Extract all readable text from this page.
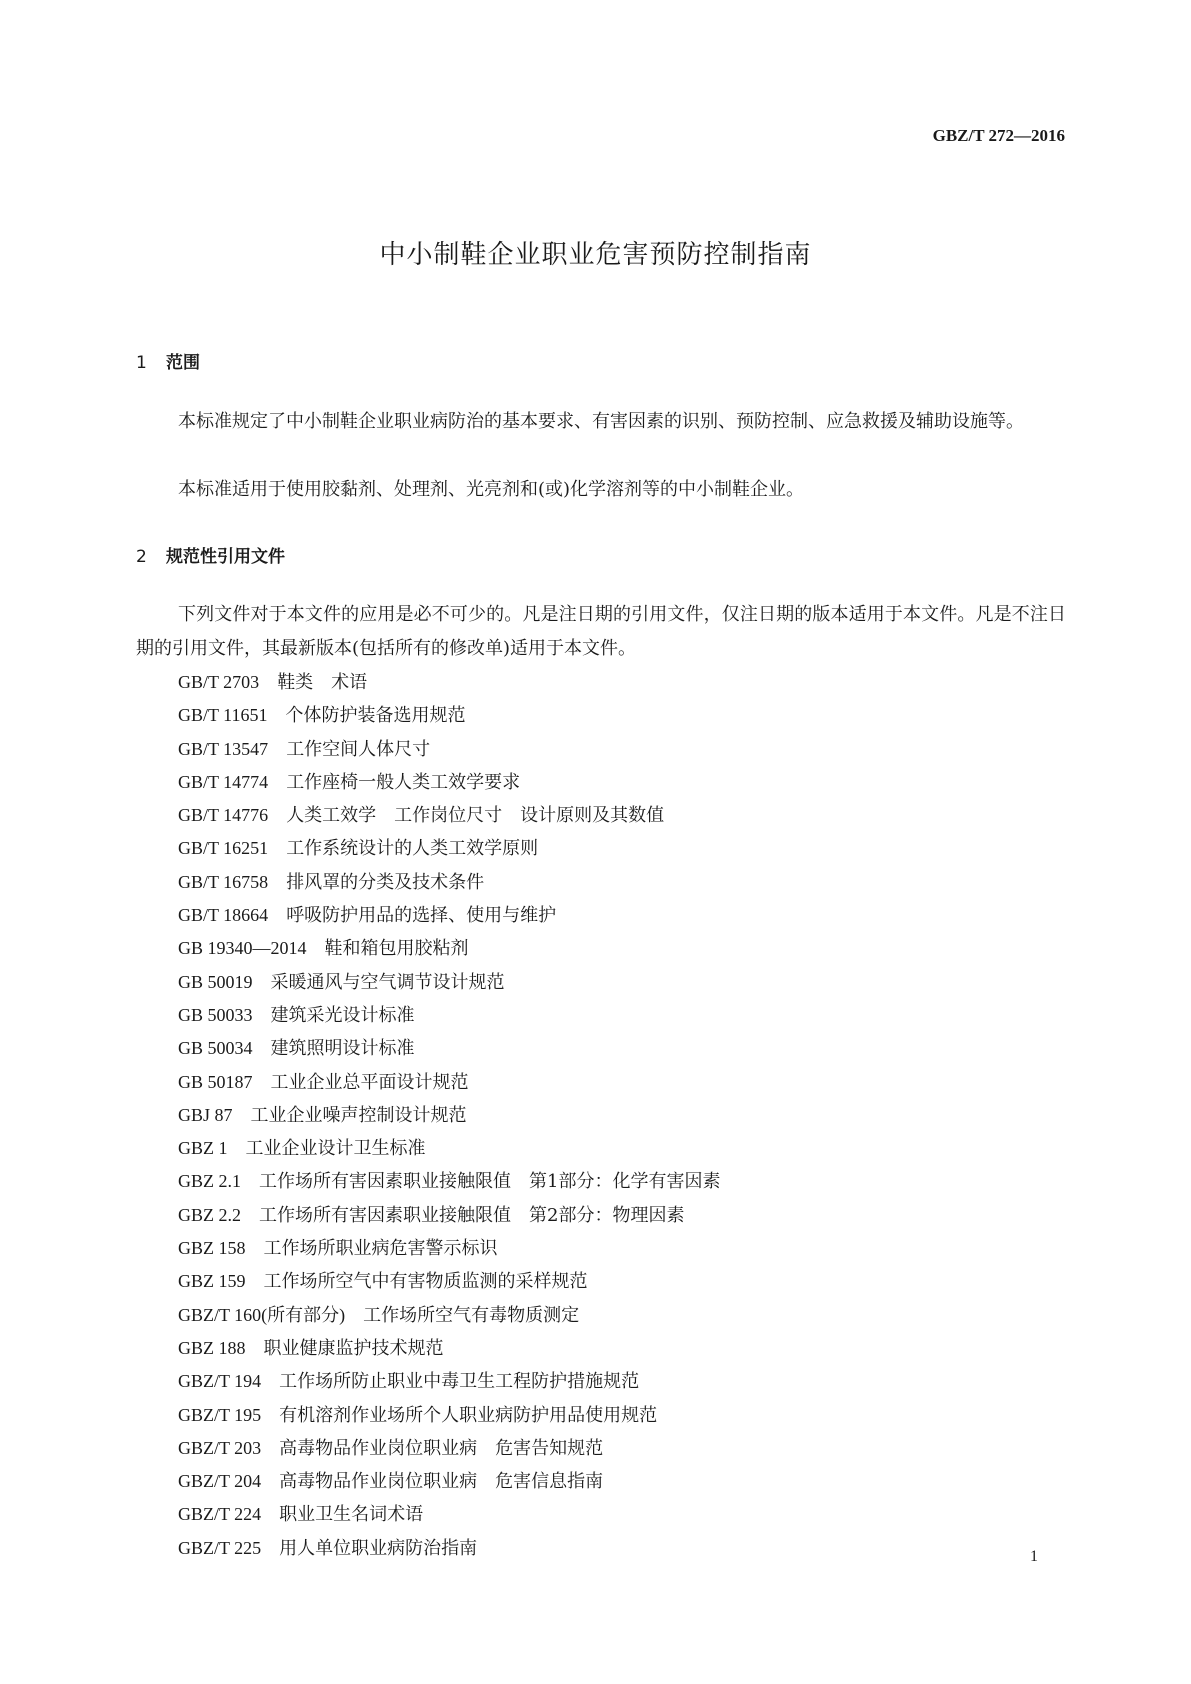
GBZ/T 272—2016
中小制鞋企业职业危害预防控制指南
1 范围
本标准规定了中小制鞋企业职业病防治的基本要求、有害因素的识别、预防控制、应急救援及辅助设施等。
本标准适用于使用胶黏剂、处理剂、光亮剂和(或)化学溶剂等的中小制鞋企业。
2 规范性引用文件
下列文件对于本文件的应用是必不可少的。凡是注日期的引用文件，仅注日期的版本适用于本文件。凡是不注日期的引用文件，其最新版本(包括所有的修改单)适用于本文件。
GB/T 2703 鞋类　术语
GB/T 11651 个体防护装备选用规范
GB/T 13547 工作空间人体尺寸
GB/T 14774 工作座椅一般人类工效学要求
GB/T 14776 人类工效学　工作岗位尺寸　设计原则及其数值
GB/T 16251 工作系统设计的人类工效学原则
GB/T 16758 排风罩的分类及技术条件
GB/T 18664 呼吸防护用品的选择、使用与维护
GB 19340—2014 鞋和箱包用胶粘剂
GB 50019 采暖通风与空气调节设计规范
GB 50033 建筑采光设计标准
GB 50034 建筑照明设计标准
GB 50187 工业企业总平面设计规范
GBJ 87 工业企业噪声控制设计规范
GBZ 1 工业企业设计卫生标准
GBZ 2.1 工作场所有害因素职业接触限值　第1部分：化学有害因素
GBZ 2.2 工作场所有害因素职业接触限值　第2部分：物理因素
GBZ 158 工作场所职业病危害警示标识
GBZ 159 工作场所空气中有害物质监测的采样规范
GBZ/T 160(所有部分) 工作场所空气有毒物质测定
GBZ 188 职业健康监护技术规范
GBZ/T 194 工作场所防止职业中毒卫生工程防护措施规范
GBZ/T 195 有机溶剂作业场所个人职业病防护用品使用规范
GBZ/T 203 高毒物品作业岗位职业病　危害告知规范
GBZ/T 204 高毒物品作业岗位职业病　危害信息指南
GBZ/T 224 职业卫生名词术语
GBZ/T 225 用人单位职业病防治指南	1
